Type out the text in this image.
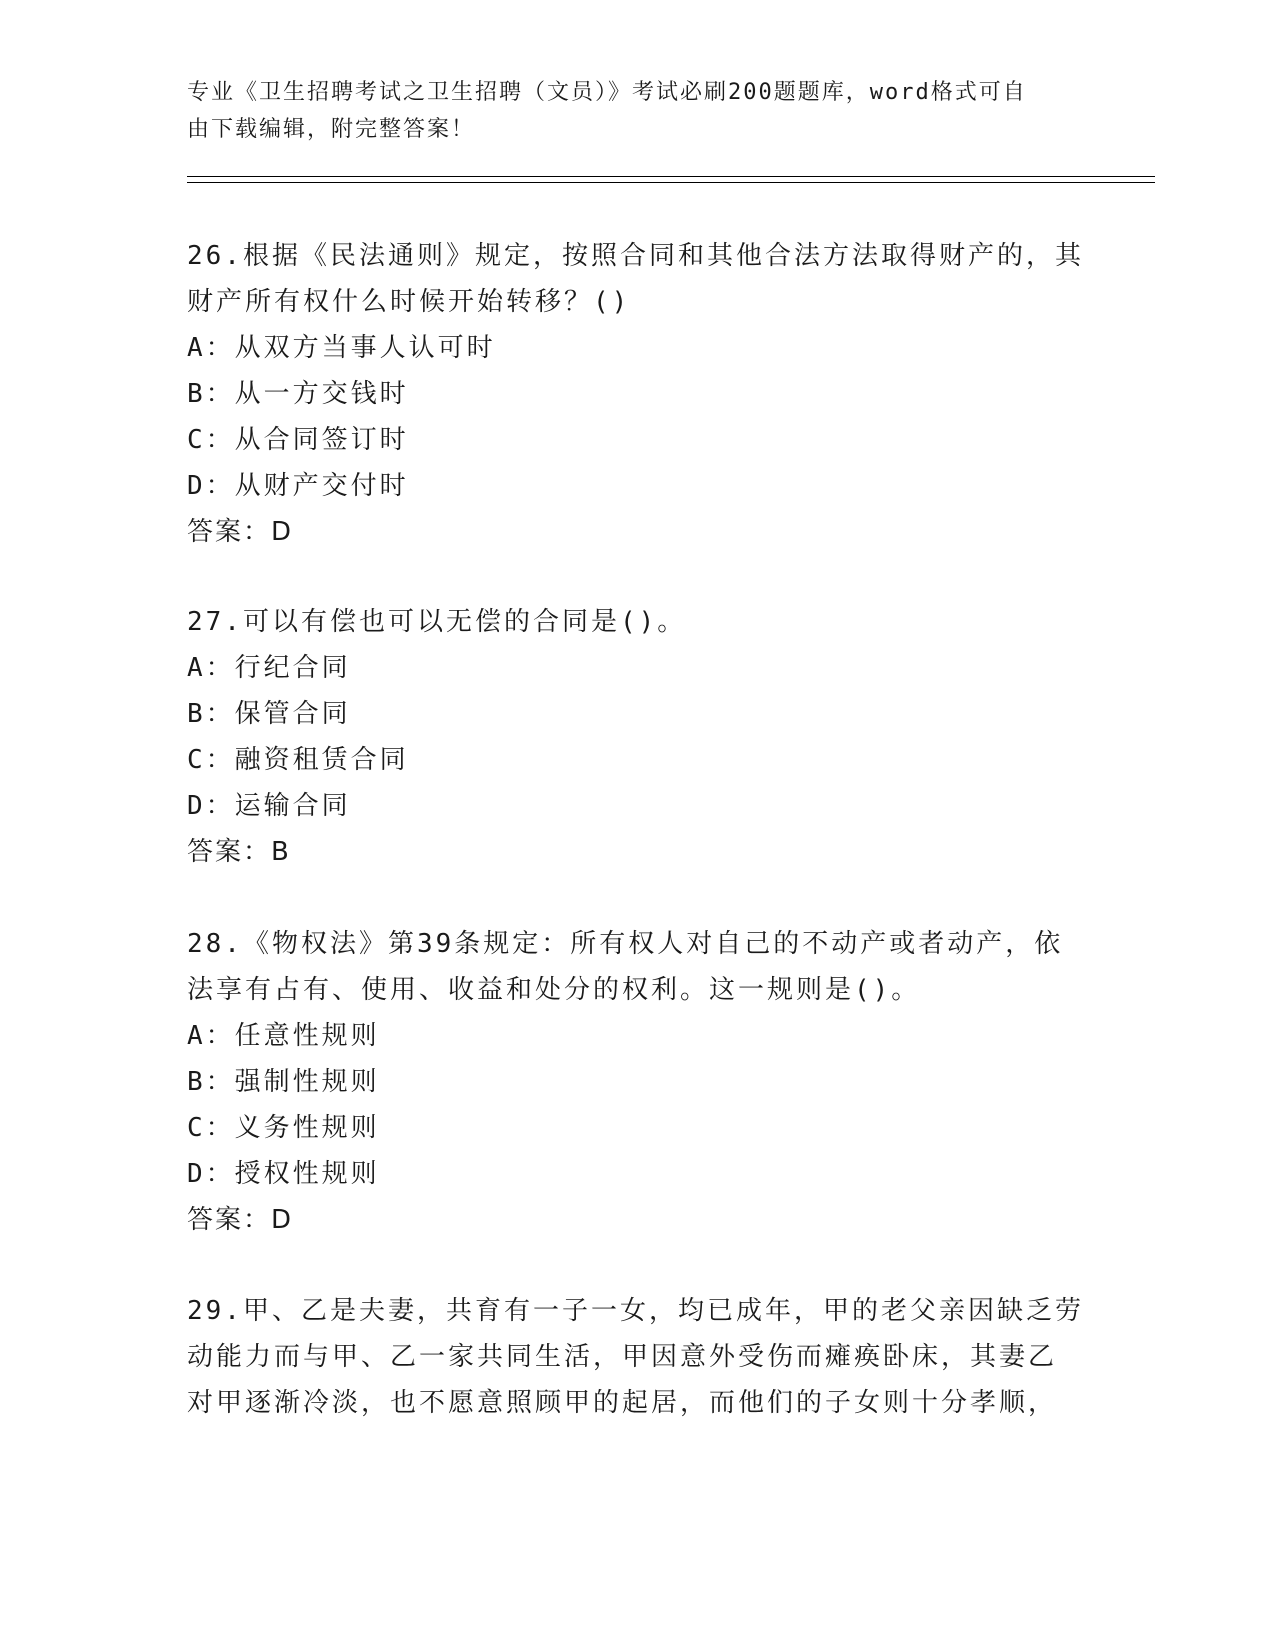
专业《卫生招聘考试之卫生招聘（文员）》考试必刷200题题库，word格式可自
由下载编辑，附完整答案！
26.根据《民法通则》规定，按照合同和其他合法方法取得财产的，其
财产所有权什么时候开始转移？()
A：从双方当事人认可时
B：从一方交钱时
C：从合同签订时
D：从财产交付时
答案：D
27.可以有偿也可以无偿的合同是()。
A：行纪合同
B：保管合同
C：融资租赁合同
D：运输合同
答案：B
28.《物权法》第39条规定：所有权人对自己的不动产或者动产，依
法享有占有、使用、收益和处分的权利。这一规则是()。
A：任意性规则
B：强制性规则
C：义务性规则
D：授权性规则
答案：D
29.甲、乙是夫妻，共育有一子一女，均已成年，甲的老父亲因缺乏劳
动能力而与甲、乙一家共同生活，甲因意外受伤而瘫痪卧床，其妻乙
对甲逐渐冷淡，也不愿意照顾甲的起居，而他们的子女则十分孝顺，
